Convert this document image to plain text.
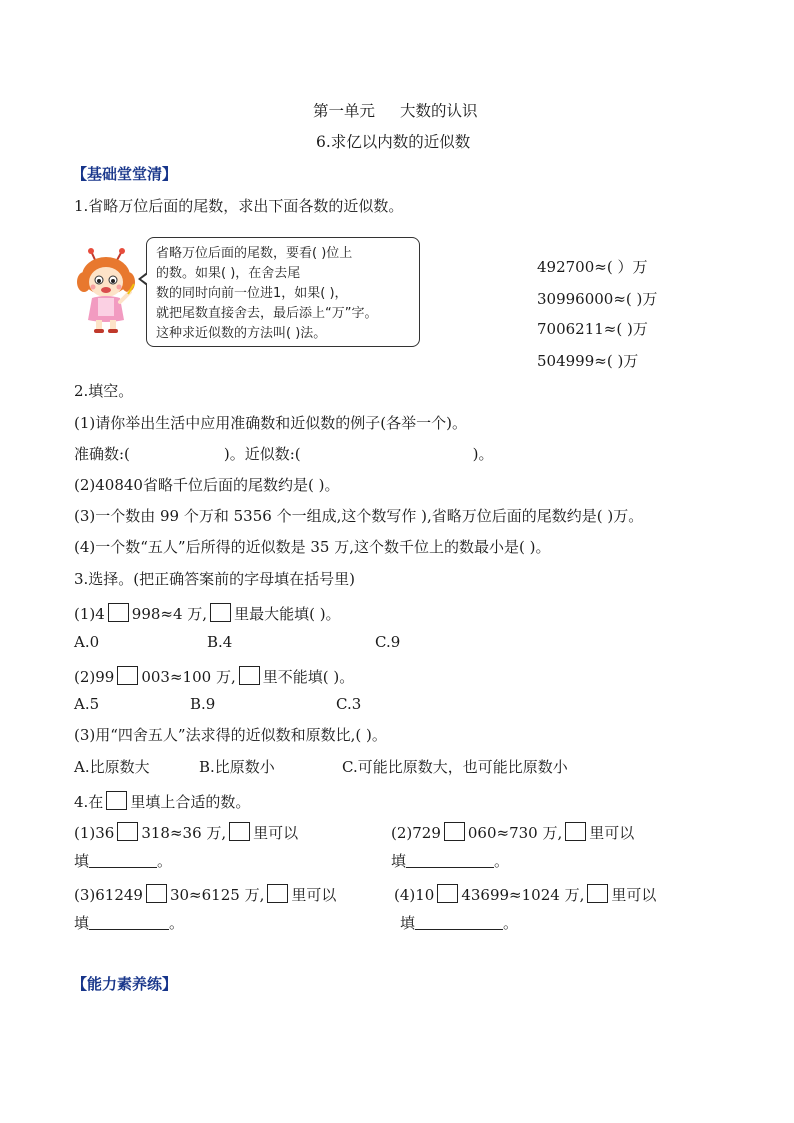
第一单元 大数的认识
6.求亿以内数的近似数
【基础堂堂清】
1.省略万位后面的尾数，求出下面各数的近似数。
省略万位后面的尾数，要看( )位上
的数。如果( )，在舍去尾
数的同时向前一位进1，如果( )，
就把尾数直接舍去，最后添上“万”字。
这种求近似数的方法叫( )法。
492700≈( ）万
30996000≈( )万
7006211≈( )万
504999≈( )万
2.填空。
(1)请你举出生活中应用准确数和近似数的例子(各举一个)。
准确数:(	)。近似数:(	)。
(2)40840省略千位后面的尾数约是( )。
(3)一个数由 99 个万和 5356 个一组成,这个数写作 ),省略万位后面的尾数约是( )万。
(4)一个数“五人”后所得的近似数是 35 万,这个数千位上的数最小是( )。
3.选择。(把正确答案前的字母填在括号里)
(1)4 998≈4 万, 里最大能填( )。
A.0	B.4	C.9
(2)99 003≈100 万, 里不能填( )。
A.5	B.9	C.3
(3)用“四舍五人”法求得的近似数和原数比,( )。
A.比原数大	B.比原数小	C.可能比原数大，也可能比原数小
4.在 里填上合适的数。
(1)36 318≈36 万, 里可以	(2)729 060≈730 万, 里可以
填	。	填	。
(3)61249 30≈6125 万, 里可以	(4)10 43699≈1024 万, 里可以
填	。	填	。
【能力素养练】
